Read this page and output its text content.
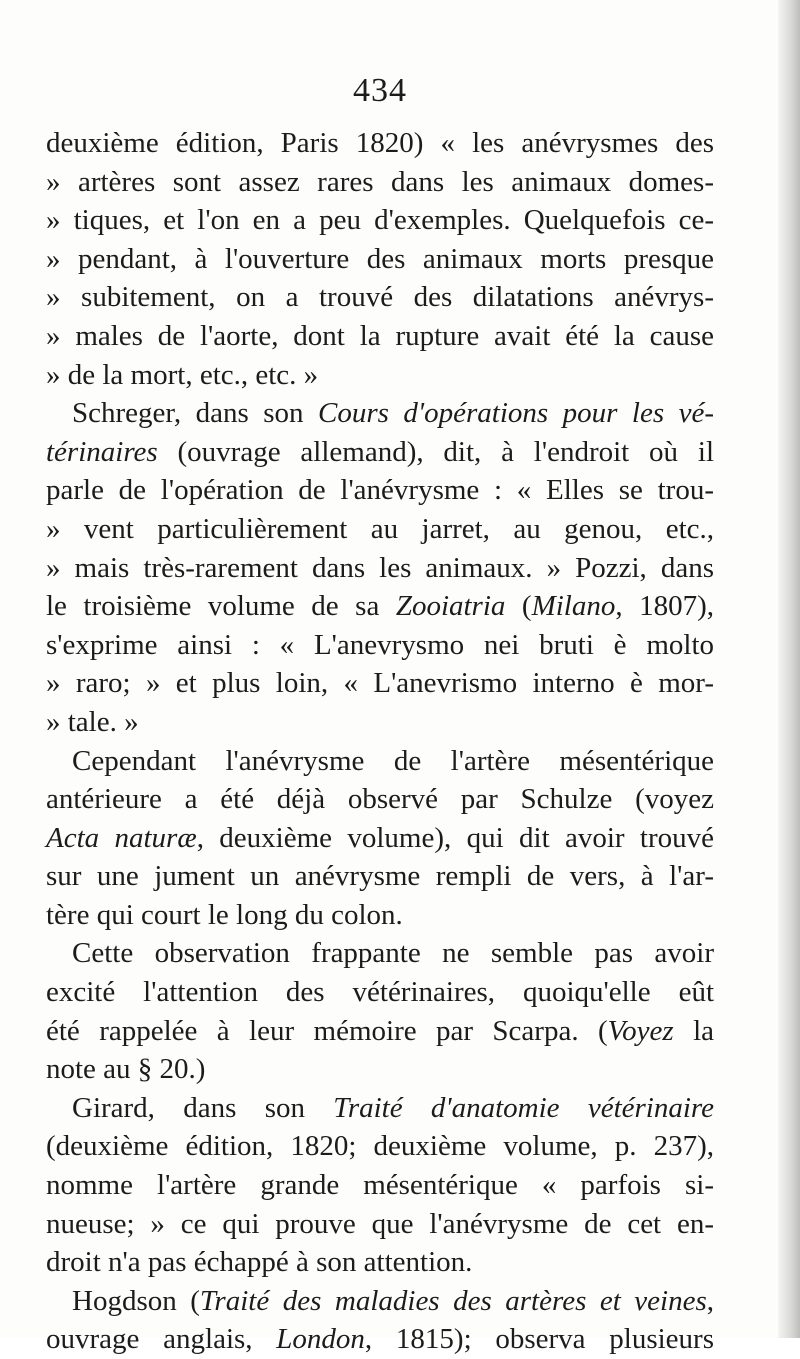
434
deuxième édition, Paris 1820) « les anévrysmes des
» artères sont assez rares dans les animaux domes-
» tiques, et l'on en a peu d'exemples. Quelquefois ce-
» pendant, à l'ouverture des animaux morts presque
» subitement, on a trouvé des dilatations anévrys-
» males de l'aorte, dont la rupture avait été la cause
» de la mort, etc., etc. »
Schreger, dans son Cours d'opérations pour les vé-
térinaires (ouvrage allemand), dit, à l'endroit où il
parle de l'opération de l'anévrysme : « Elles se trou-
» vent particulièrement au jarret, au genou, etc.,
» mais très-rarement dans les animaux. » Pozzi, dans
le troisième volume de sa Zooiatria (Milano, 1807),
s'exprime ainsi : « L'anevrysmo nei bruti è molto
» raro; » et plus loin, « L'anevrismo interno è mor-
» tale. »
Cependant l'anévrysme de l'artère mésentérique
antérieure a été déjà observé par Schulze (voyez
Acta naturæ, deuxième volume), qui dit avoir trouvé
sur une jument un anévrysme rempli de vers, à l'ar-
tère qui court le long du colon.
Cette observation frappante ne semble pas avoir
excité l'attention des vétérinaires, quoiqu'elle eût
été rappelée à leur mémoire par Scarpa. (Voyez la
note au § 20.)
Girard, dans son Traité d'anatomie vétérinaire
(deuxième édition, 1820; deuxième volume, p. 237),
nomme l'artère grande mésentérique « parfois si-
nueuse; » ce qui prouve que l'anévrysme de cet en-
droit n'a pas échappé à son attention.
Hogdson (Traité des maladies des artères et veines,
ouvrage anglais, London, 1815); observa plusieurs
